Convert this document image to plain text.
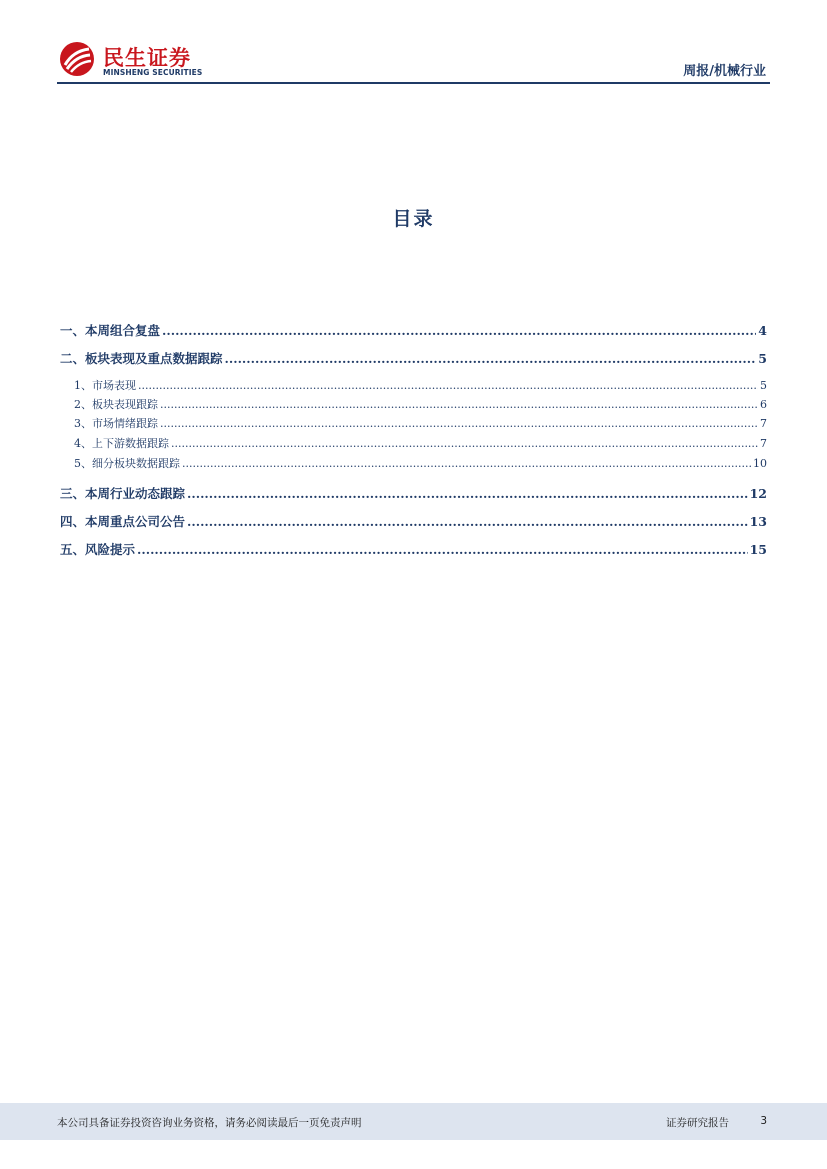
民生证券
MINSHENG SECURITIES	周报/机械行业
目录
一、本周组合复盘 .....	4
二、板块表现及重点数据跟踪 .....	5
1、市场表现 .....	5
2、板块表现跟踪 .....	6
3、市场情绪跟踪 .....	7
4、上下游数据跟踪 .....	7
5、细分板块数据跟踪 .....	10
三、本周行业动态跟踪 .....	12
四、本周重点公司公告 .....	13
五、风险提示 .....	15
本公司具备证券投资咨询业务资格，请务必阅读最后一页免责声明	证券研究报告	3
